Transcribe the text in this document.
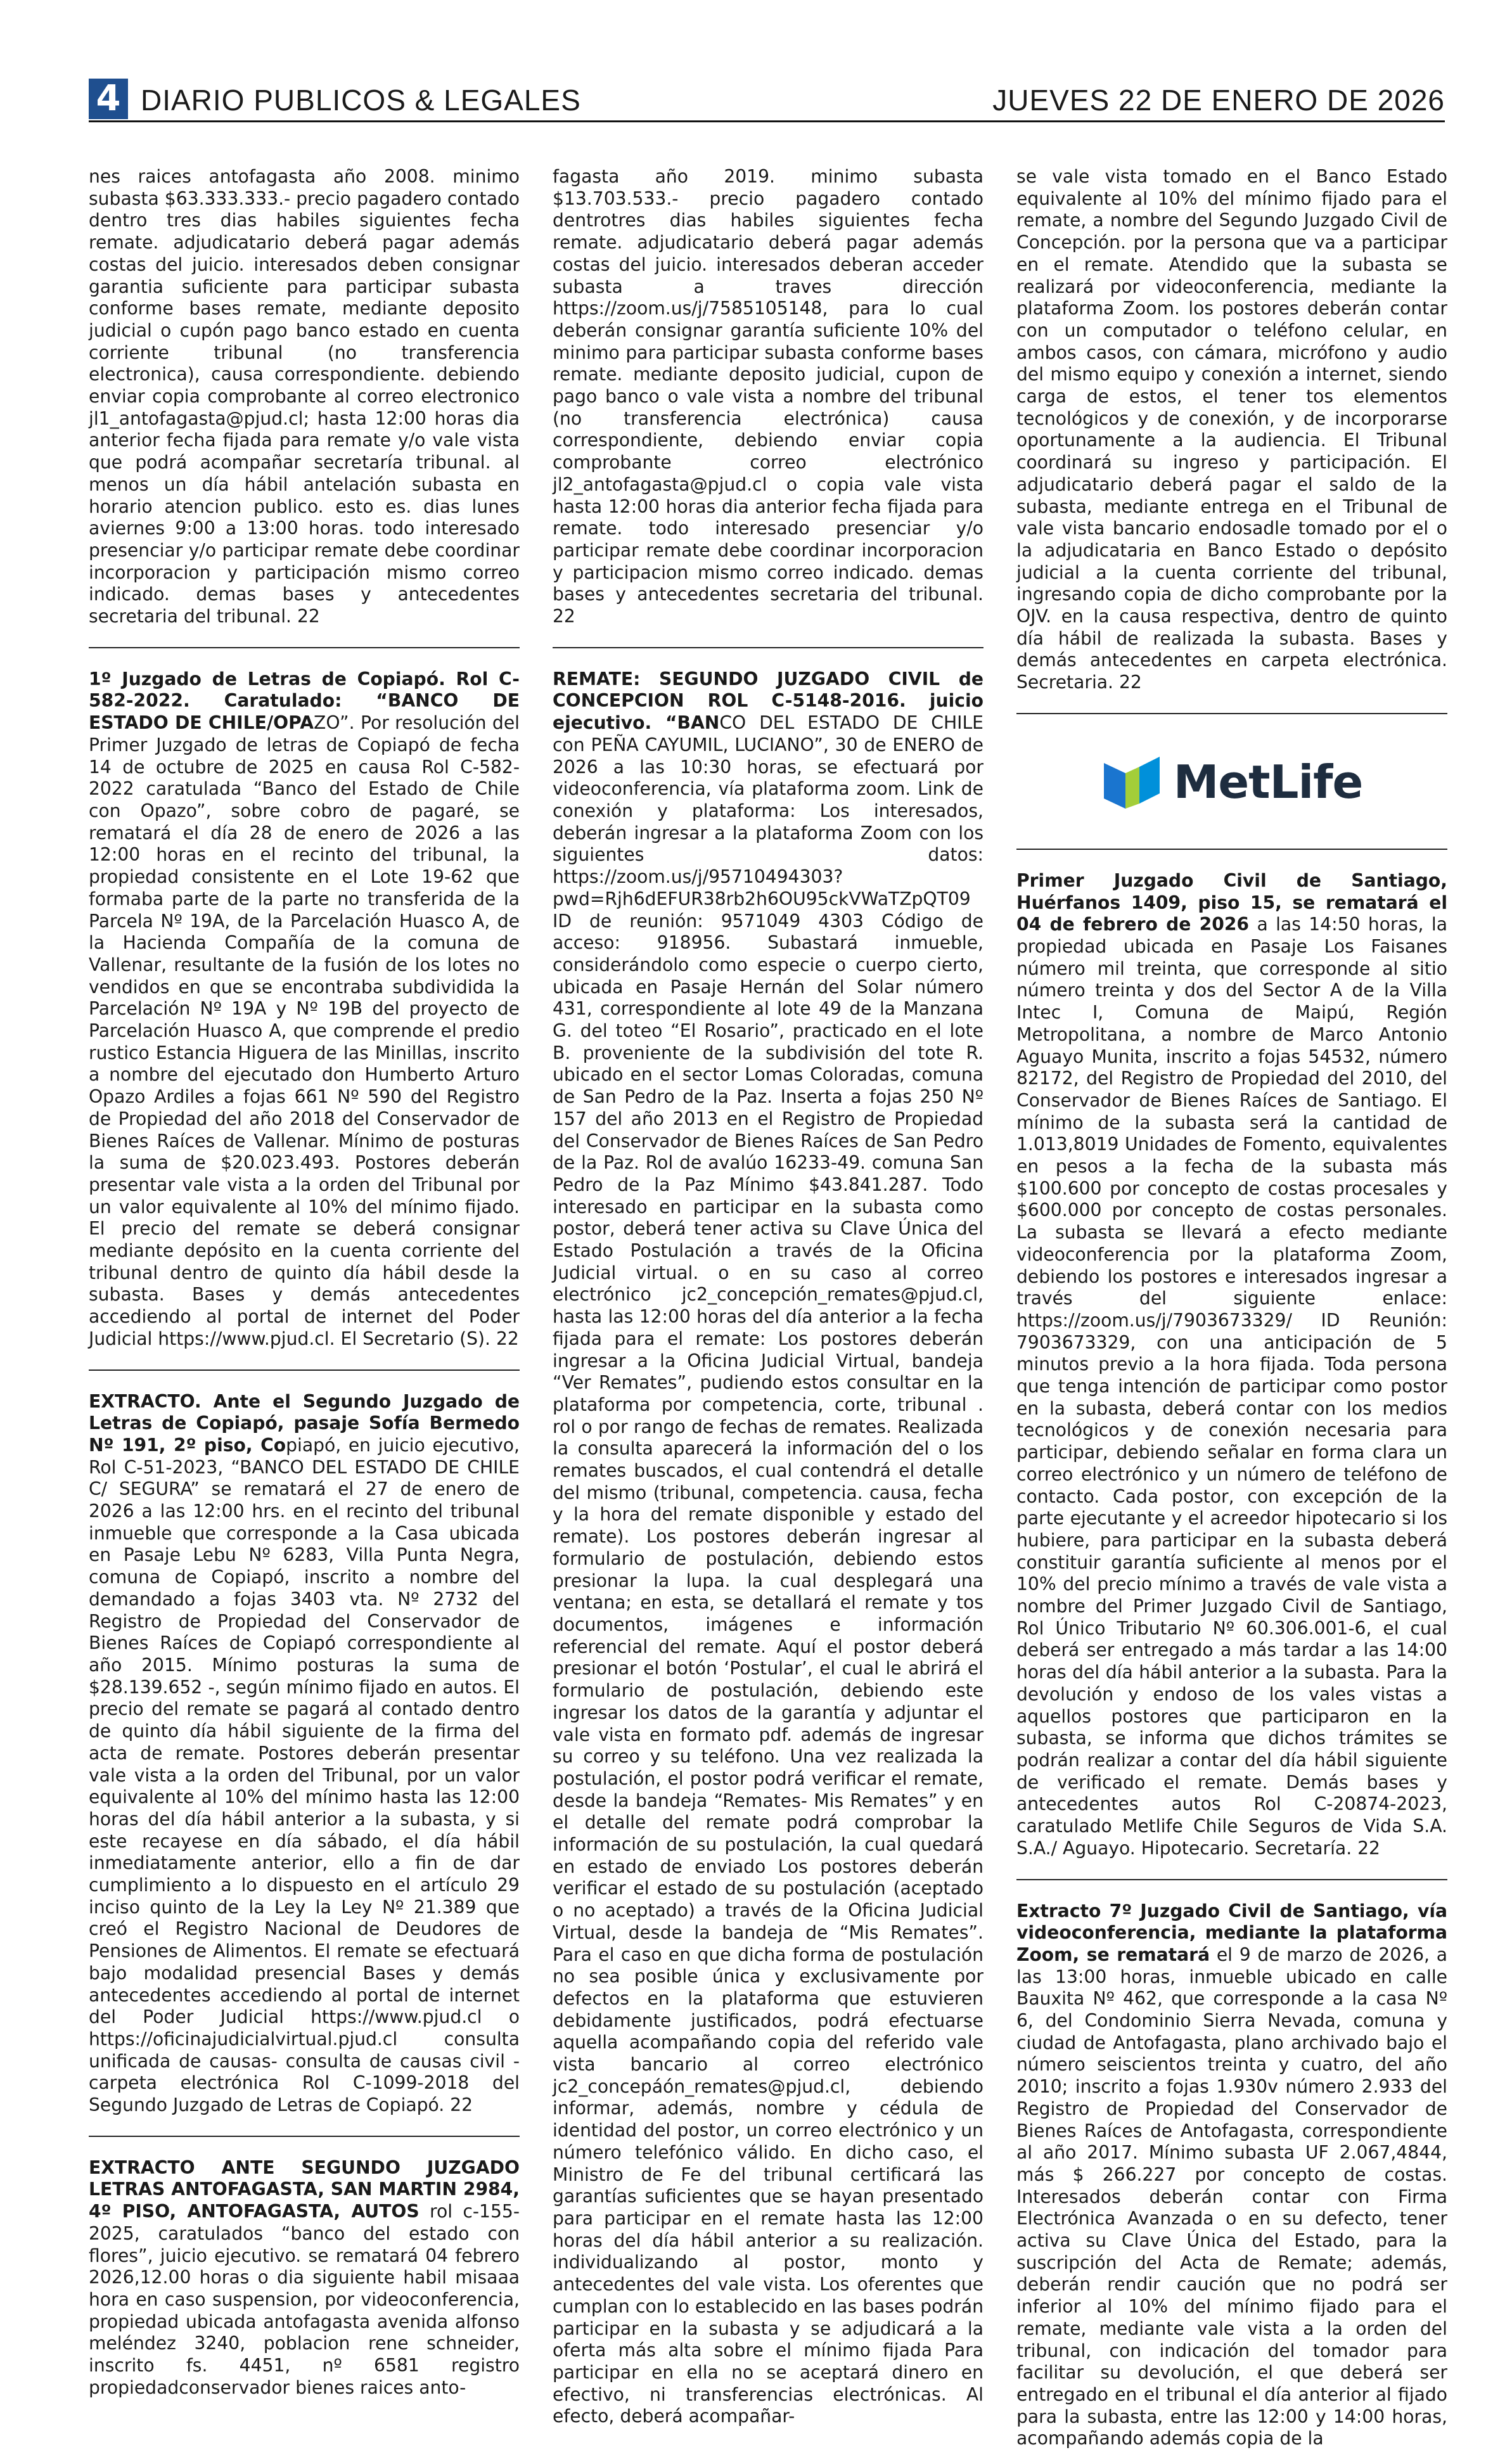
4 DIARIO PUBLICOS & LEGALES	JUEVES 22 DE ENERO DE 2026

nes raices antofagasta año 2008. minimo subasta $63.333.333.- precio pagadero contado dentro tres dias habiles siguientes fecha remate. adjudicatario deberá pagar además costas del juicio. interesados deben consignar garantia suficiente para participar subasta conforme bases remate, mediante deposito judicial o cupón pago banco estado en cuenta corriente tribunal (no transferencia electronica), causa correspondiente. debiendo enviar copia comprobante al correo electronico jl1_antofagasta@pjud.cl; hasta 12:00 horas dia anterior fecha fijada para remate y/o vale vista que podrá acompañar secretaría tribunal. al menos un día hábil antelación subasta en horario atencion publico. esto es. dias lunes aviernes 9:00 a 13:00 horas. todo interesado presenciar y/o participar remate debe coordinar incorporacion y participación mismo correo indicado. demas bases y antecedentes secretaria del tribunal. 22

1º Juzgado de Letras de Copiapó. Rol C-582-2022. Caratulado: “BANCO DE ESTADO DE CHILE/OPAZO”. Por resolución del Primer Juzgado de letras de Copiapó de fecha 14 de octubre de 2025 en causa Rol C-582-2022 caratulada “Banco del Estado de Chile con Opazo”, sobre cobro de pagaré, se rematará el día 28 de enero de 2026 a las 12:00 horas en el recinto del tribunal, la propiedad consistente en el Lote 19-62 que formaba parte de la parte no transferida de la Parcela Nº 19A, de la Parcelación Huasco A, de la Hacienda Compañía de la comuna de Vallenar, resultante de la fusión de los lotes no vendidos en que se encontraba subdividida la Parcelación Nº 19A y Nº 19B del proyecto de Parcelación Huasco A, que comprende el predio rustico Estancia Higuera de las Minillas, inscrito a nombre del ejecutado don Humberto Arturo Opazo Ardiles a fojas 661 Nº 590 del Registro de Propiedad del año 2018 del Conservador de Bienes Raíces de Vallenar. Mínimo de posturas la suma de $20.023.493. Postores deberán presentar vale vista a la orden del Tribunal por un valor equivalente al 10% del mínimo fijado. El precio del remate se deberá consignar mediante depósito en la cuenta corriente del tribunal dentro de quinto día hábil desde la subasta. Bases y demás antecedentes accediendo al portal de internet del Poder Judicial https://www.pjud.cl. El Secretario (S). 22

EXTRACTO. Ante el Segundo Juzgado de Letras de Copiapó, pasaje Sofía Bermedo Nº 191, 2º piso, Copiapó, en juicio ejecutivo, Rol C-51-2023, “BANCO DEL ESTADO DE CHILE C/ SEGURA” se rematará el 27 de enero de 2026 a las 12:00 hrs. en el recinto del tribunal inmueble que corresponde a la Casa ubicada en Pasaje Lebu Nº 6283, Villa Punta Negra, comuna de Copiapó, inscrito a nombre del demandado a fojas 3403 vta. Nº 2732 del Registro de Propiedad del Conservador de Bienes Raíces de Copiapó correspondiente al año 2015. Mínimo posturas la suma de $28.139.652 -, según mínimo fijado en autos. El precio del remate se pagará al contado dentro de quinto día hábil siguiente de la firma del acta de remate. Postores deberán presentar vale vista a la orden del Tribunal, por un valor equivalente al 10% del mínimo hasta las 12:00 horas del día hábil anterior a la subasta, y si este recayese en día sábado, el día hábil inmediatamente anterior, ello a fin de dar cumplimiento a lo dispuesto en el artículo 29 inciso quinto de la Ley la Ley Nº 21.389 que creó el Registro Nacional de Deudores de Pensiones de Alimentos. El remate se efectuará bajo modalidad presencial Bases y demás antecedentes accediendo al portal de internet del Poder Judicial https://www.pjud.cl o https://oficinajudicialvirtual.pjud.cl consulta unificada de causas- consulta de causas civil - carpeta electrónica Rol C-1099-2018 del Segundo Juzgado de Letras de Copiapó. 22

EXTRACTO ANTE SEGUNDO JUZGADO LETRAS ANTOFAGASTA, SAN MARTIN 2984, 4º PISO, ANTOFAGASTA, AUTOS rol c-155-2025, caratulados “banco del estado con flores”, juicio ejecutivo. se rematará 04 febrero 2026,12.00 horas o dia siguiente habil misaaa hora en caso suspension, por videoconferencia, propiedad ubicada antofagasta avenida alfonso meléndez 3240, poblacion rene schneider, inscrito fs. 4451, nº 6581 registro propiedadconservador bienes raices anto-

fagasta año 2019. minimo subasta $13.703.533.- precio pagadero contado dentrotres dias habiles siguientes fecha remate. adjudicatario deberá pagar además costas del juicio. interesados deberan acceder subasta a traves dirección https://zoom.us/j/7585105148, para lo cual deberán consignar garantía suficiente 10% del minimo para participar subasta conforme bases remate. mediante deposito judicial, cupon de pago banco o vale vista a nombre del tribunal (no transferencia electrónica) causa correspondiente, debiendo enviar copia comprobante correo electrónico jl2_antofagasta@pjud.cl o copia vale vista hasta 12:00 horas dia anterior fecha fijada para remate. todo interesado presenciar y/o participar remate debe coordinar incorporacion y participacion mismo correo indicado. demas bases y antecedentes secretaria del tribunal. 22

REMATE: SEGUNDO JUZGADO CIVIL de CONCEPCION ROL C-5148-2016. juicio ejecutivo. “BANCO DEL ESTADO DE CHILE con PEÑA CAYUMIL, LUCIANO”, 30 de ENERO de 2026 a las 10:30 horas, se efectuará por videoconferencia, vía plataforma zoom. Link de conexión y plataforma: Los interesados, deberán ingresar a la plataforma Zoom con los siguientes datos: https://zoom.us/j/95710494303?pwd=Rjh6dEFUR38rb2h6OU95ckVWaTZpQT09 ID de reunión: 9571049 4303 Código de acceso: 918956. Subastará inmueble, considerándolo como especie o cuerpo cierto, ubicada en Pasaje Hernán del Solar número 431, correspondiente al lote 49 de la Manzana G. del toteo “El Rosario”, practicado en el lote B. proveniente de la subdivisión del tote R. ubicado en el sector Lomas Coloradas, comuna de San Pedro de la Paz. Inserta a fojas 250 Nº 157 del año 2013 en el Registro de Propiedad del Conservador de Bienes Raíces de San Pedro de la Paz. Rol de avalúo 16233-49. comuna San Pedro de la Paz Mínimo $43.841.287. Todo interesado en participar en la subasta como postor, deberá tener activa su Clave Única del Estado Postulación a través de la Oficina Judicial virtual. o en su caso al correo electrónico jc2_concepción_remates@pjud.cl, hasta las 12:00 horas del día anterior a la fecha fijada para el remate: Los postores deberán ingresar a la Oficina Judicial Virtual, bandeja “Ver Remates”, pudiendo estos consultar en la plataforma por competencia, corte, tribunal . rol o por rango de fechas de remates. Realizada la consulta aparecerá la información del o los remates buscados, el cual contendrá el detalle del mismo (tribunal, competencia. causa, fecha y la hora del remate disponible y estado del remate). Los postores deberán ingresar al formulario de postulación, debiendo estos presionar la lupa. la cual desplegará una ventana; en esta, se detallará el remate y tos documentos, imágenes e información referencial del remate. Aquí el postor deberá presionar el botón ‘Postular’, el cual le abrirá el formulario de postulación, debiendo este ingresar los datos de la garantía y adjuntar el vale vista en formato pdf. además de ingresar su correo y su teléfono. Una vez realizada la postulación, el postor podrá verificar el remate, desde la bandeja “Remates- Mis Remates” y en el detalle del remate podrá comprobar la información de su postulación, la cual quedará en estado de enviado Los postores deberán verificar el estado de su postulación (aceptado o no aceptado) a través de la Oficina Judicial Virtual, desde la bandeja de “Mis Remates”. Para el caso en que dicha forma de postulación no sea posible única y exclusivamente por defectos en la plataforma que estuvieren debidamente justificados, podrá efectuarse aquella acompañando copia del referido vale vista bancario al correo electrónico jc2_concepáón_remates@pjud.cl, debiendo informar, además, nombre y cédula de identidad del postor, un correo electrónico y un número telefónico válido. En dicho caso, el Ministro de Fe del tribunal certificará las garantías suficientes que se hayan presentado para participar en el remate hasta las 12:00 horas del día hábil anterior a su realización. individualizando al postor, monto y antecedentes del vale vista. Los oferentes que cumplan con lo establecido en las bases podrán participar en la subasta y se adjudicará a la oferta más alta sobre el mínimo fijada Para participar en ella no se aceptará dinero en efectivo, ni transferencias electrónicas. Al efecto, deberá acompañar-

se vale vista tomado en el Banco Estado equivalente al 10% del mínimo fijado para el remate, a nombre del Segundo Juzgado Civil de Concepción. por la persona que va a participar en el remate. Atendido que la subasta se realizará por videoconferencia, mediante la plataforma Zoom. los postores deberán contar con un computador o teléfono celular, en ambos casos, con cámara, micrófono y audio del mismo equipo y conexión a internet, siendo carga de estos, el tener tos elementos tecnológicos y de conexión, y de incorporarse oportunamente a la audiencia. El Tribunal coordinará su ingreso y participación. El adjudicatario deberá pagar el saldo de la subasta, mediante entrega en el Tribunal de vale vista bancario endosadle tomado por el o la adjudicataria en Banco Estado o depósito judicial a la cuenta corriente del tribunal, ingresando copia de dicho comprobante por la OJV. en la causa respectiva, dentro de quinto día hábil de realizada la subasta. Bases y demás antecedentes en carpeta electrónica. Secretaria. 22

MetLife

Primer Juzgado Civil de Santiago, Huérfanos 1409, piso 15, se rematará el 04 de febrero de 2026 a las 14:50 horas, la propiedad ubicada en Pasaje Los Faisanes número mil treinta, que corresponde al sitio número treinta y dos del Sector A de la Villa Intec I, Comuna de Maipú, Región Metropolitana, a nombre de Marco Antonio Aguayo Munita, inscrito a fojas 54532, número 82172, del Registro de Propiedad del 2010, del Conservador de Bienes Raíces de Santiago. El mínimo de la subasta será la cantidad de 1.013,8019 Unidades de Fomento, equivalentes en pesos a la fecha de la subasta más $100.600 por concepto de costas procesales y $600.000 por concepto de costas personales. La subasta se llevará a efecto mediante videoconferencia por la plataforma Zoom, debiendo los postores e interesados ingresar a través del siguiente enlace: https://zoom.us/j/7903673329/ ID Reunión: 7903673329, con una anticipación de 5 minutos previo a la hora fijada. Toda persona que tenga intención de participar como postor en la subasta, deberá contar con los medios tecnológicos y de conexión necesaria para participar, debiendo señalar en forma clara un correo electrónico y un número de teléfono de contacto. Cada postor, con excepción de la parte ejecutante y el acreedor hipotecario si los hubiere, para participar en la subasta deberá constituir garantía suficiente al menos por el 10% del precio mínimo a través de vale vista a nombre del Primer Juzgado Civil de Santiago, Rol Único Tributario Nº 60.306.001-6, el cual deberá ser entregado a más tardar a las 14:00 horas del día hábil anterior a la subasta. Para la devolución y endoso de los vales vistas a aquellos postores que participaron en la subasta, se informa que dichos trámites se podrán realizar a contar del día hábil siguiente de verificado el remate. Demás bases y antecedentes autos Rol C-20874-2023, caratulado Metlife Chile Seguros de Vida S.A. S.A./ Aguayo. Hipotecario. Secretaría. 22

Extracto 7º Juzgado Civil de Santiago, vía videoconferencia, mediante la plataforma Zoom, se rematará el 9 de marzo de 2026, a las 13:00 horas, inmueble ubicado en calle Bauxita Nº 462, que corresponde a la casa Nº 6, del Condominio Sierra Nevada, comuna y ciudad de Antofagasta, plano archivado bajo el número seiscientos treinta y cuatro, del año 2010; inscrito a fojas 1.930v número 2.933 del Registro de Propiedad del Conservador de Bienes Raíces de Antofagasta, correspondiente al año 2017. Mínimo subasta UF 2.067,4844, más $ 266.227 por concepto de costas. Interesados deberán contar con Firma Electrónica Avanzada o en su defecto, tener activa su Clave Única del Estado, para la suscripción del Acta de Remate; además, deberán rendir caución que no podrá ser inferior al 10% del mínimo fijado para el remate, mediante vale vista a la orden del tribunal, con indicación del tomador para facilitar su devolución, el que deberá ser entregado en el tribunal el día anterior al fijado para la subasta, entre las 12:00 y 14:00 horas, acompañando además copia de la
